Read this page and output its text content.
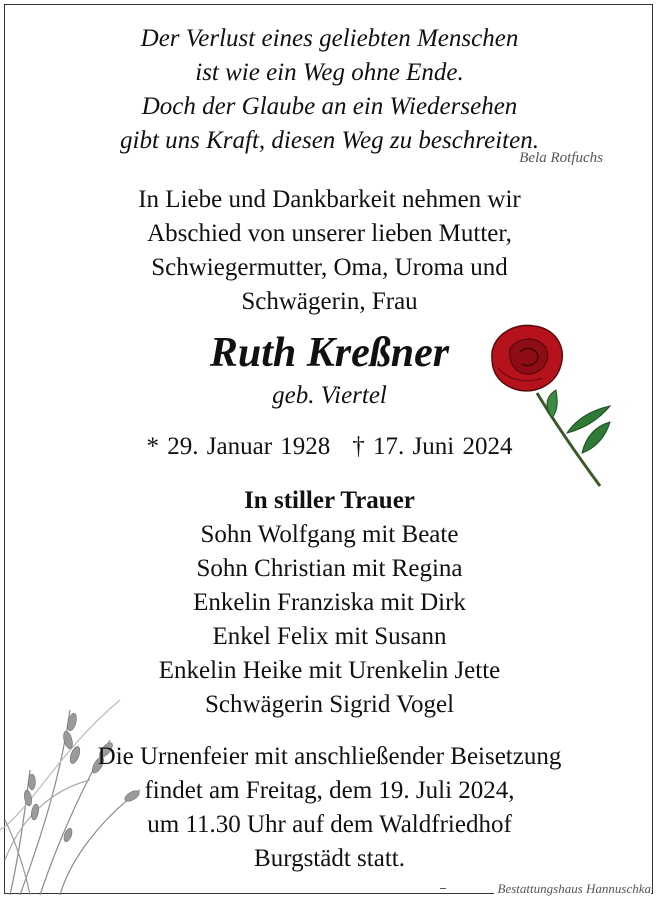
Der Verlust eines geliebten Menschen
ist wie ein Weg ohne Ende.
Doch der Glaube an ein Wiedersehen
gibt uns Kraft, diesen Weg zu beschreiten.
Bela Rotfuchs
In Liebe und Dankbarkeit nehmen wir
Abschied von unserer lieben Mutter,
Schwiegermutter, Oma, Uroma und
Schwägerin, Frau
Ruth Kreßner
geb. Viertel
* 29. Januar 1928 † 17. Juni 2024
In stiller Trauer
Sohn Wolfgang mit Beate
Sohn Christian mit Regina
Enkelin Franziska mit Dirk
Enkel Felix mit Susann
Enkelin Heike mit Urenkelin Jette
Schwägerin Sigrid Vogel
Die Urnenfeier mit anschließender Beisetzung
findet am Freitag, dem 19. Juli 2024,
um 11.30 Uhr auf dem Waldfriedhof
Burgstädt statt.
Bestattungshaus Hannuschka
